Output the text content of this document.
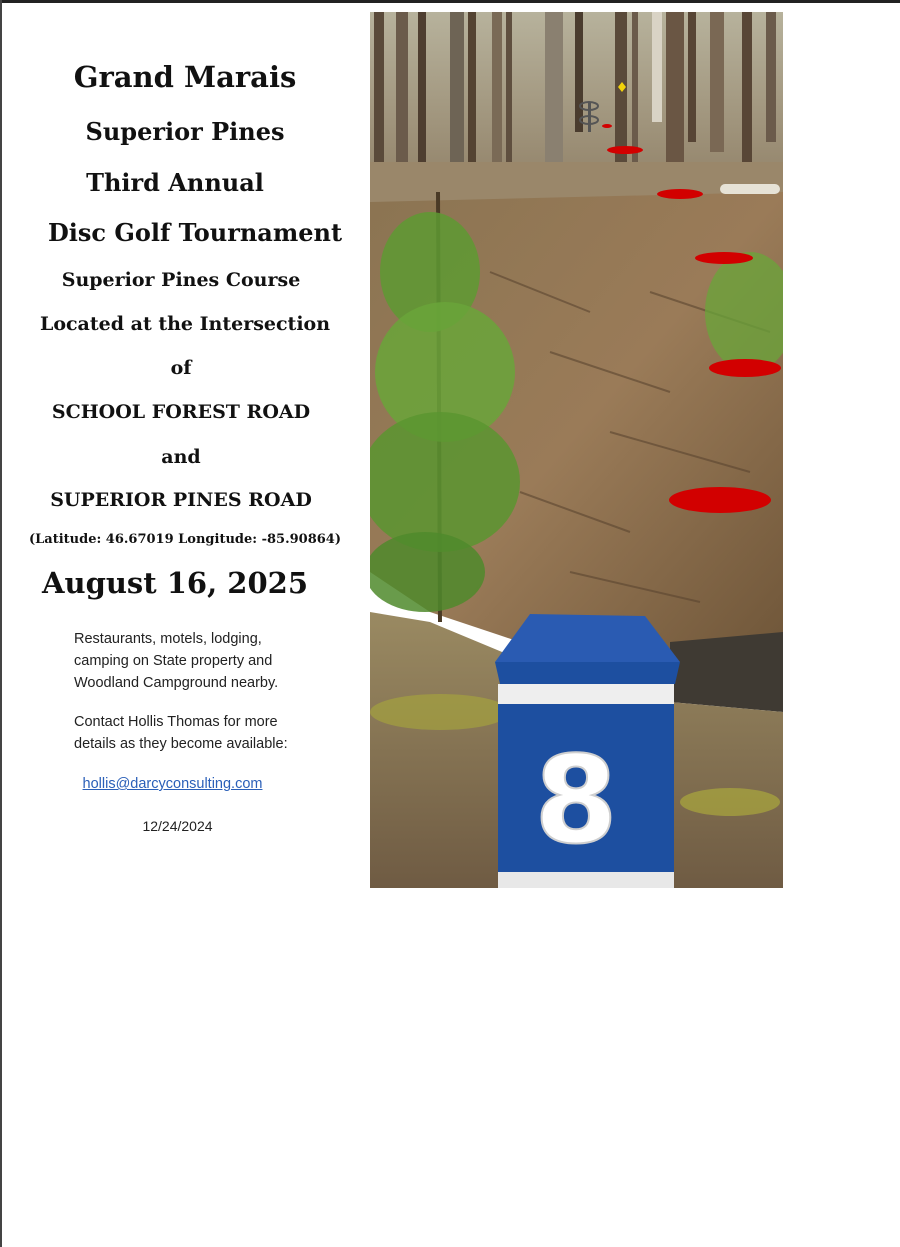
Grand Marais
Superior Pines
Third Annual
Disc Golf Tournament
Superior Pines Course
Located at the Intersection
of
SCHOOL FOREST ROAD
and
SUPERIOR PINES ROAD
(Latitude: 46.67019 Longitude: -85.90864)
August 16, 2025
Restaurants, motels, lodging,
camping on State property and
Woodland Campground nearby.
Contact Hollis Thomas for more
details as they become available:
hollis@darcyconsulting.com
12/24/2024	8
